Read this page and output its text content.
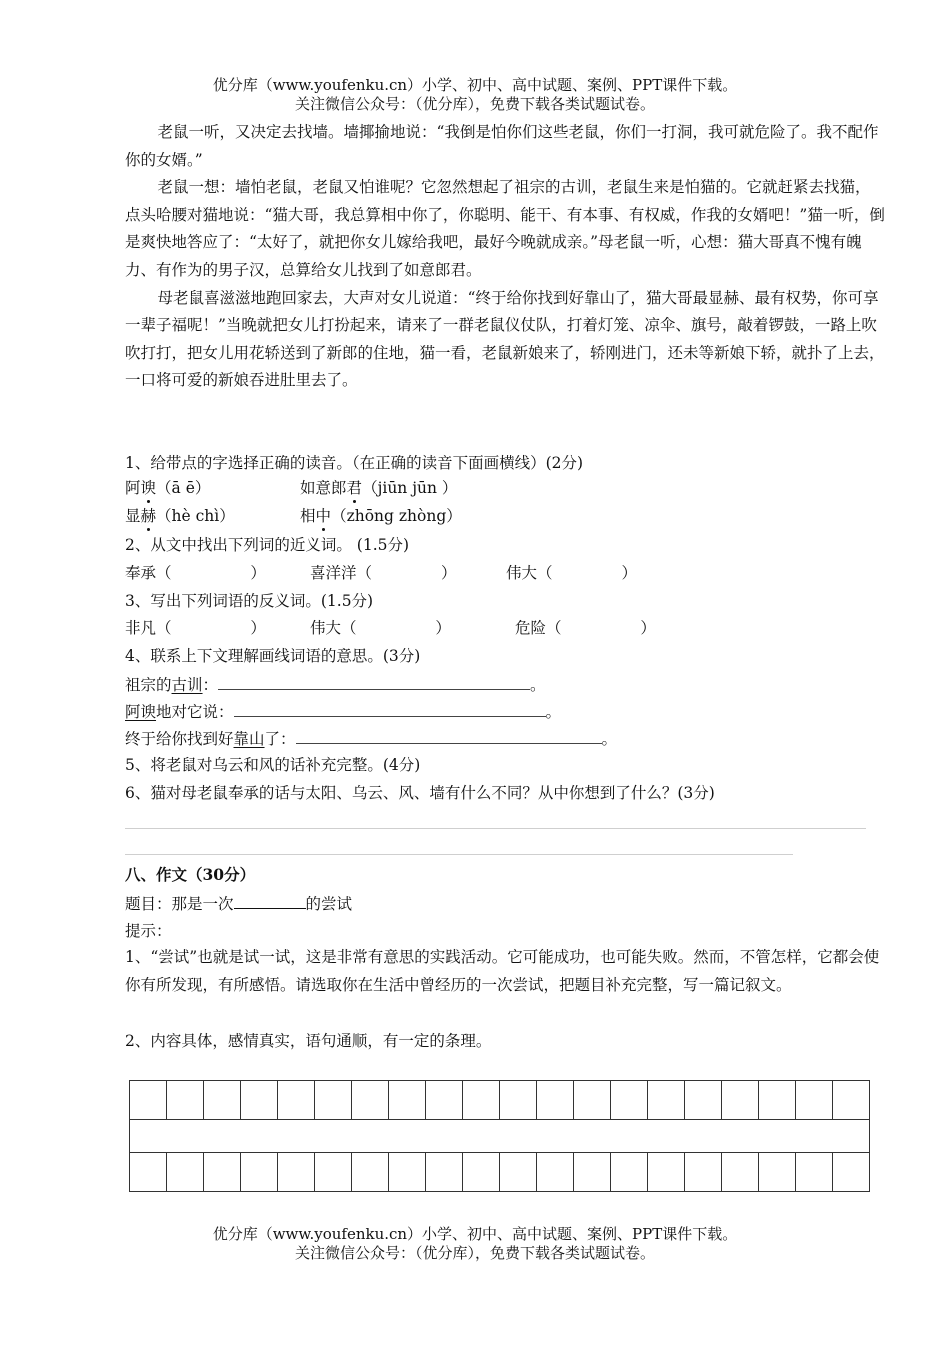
优分库（www.youfenku.cn）小学、初中、高中试题、案例、PPT课件下载。
关注微信公众号：（优分库），免费下载各类试题试卷。

老鼠一听，又决定去找墙。墙揶揄地说：“我倒是怕你们这些老鼠，你们一打洞，我可就危险了。我不配作你的女婿。”

老鼠一想：墙怕老鼠，老鼠又怕谁呢？它忽然想起了祖宗的古训，老鼠生来是怕猫的。它就赶紧去找猫，点头哈腰对猫地说：“猫大哥，我总算相中你了，你聪明、能干、有本事、有权威，作我的女婿吧！”猫一听，倒是爽快地答应了：“太好了，就把你女儿嫁给我吧，最好今晚就成亲。”母老鼠一听，心想：猫大哥真不愧有魄力、有作为的男子汉，总算给女儿找到了如意郎君。

母老鼠喜滋滋地跑回家去，大声对女儿说道：“终于给你找到好靠山了，猫大哥最显赫、最有权势，你可享一辈子福呢！”当晚就把女儿打扮起来，请来了一群老鼠仪仗队，打着灯笼、凉伞、旗号，敲着锣鼓，一路上吹吹打打，把女儿用花轿送到了新郎的住地，猫一看，老鼠新娘来了，轿刚进门，还未等新娘下轿，就扑了上去，一口将可爱的新娘吞进肚里去了。

1、给带点的字选择正确的读音。（在正确的读音下面画横线）(2分)
阿谀（ā ē）	如意郎君（jiūn jūn ）
显赫（hè chì）	相中（zhōng zhòng）
2、从文中找出下列词的近义词。 (1.5分)
奉承（                ）	喜洋洋（              ）	伟大（              ）
3、写出下列词语的反义词。(1.5分)
非凡（                ）	伟大（                ）	危险（                ）
4、联系上下文理解画线词语的意思。(3分)
祖宗的古训：	。
阿谀地对它说：	。
终于给你找到好靠山了：	。
5、将老鼠对乌云和风的话补充完整。(4分)
6、猫对母老鼠奉承的话与太阳、乌云、风、墙有什么不同？从中你想到了什么？(3分)
八、作文（30分）
题目：那是一次	的尝试
提示：
1、“尝试”也就是试一试，这是非常有意思的实践活动。它可能成功，也可能失败。然而，不管怎样，它都会使你有所发现，有所感悟。请选取你在生活中曾经历的一次尝试，把题目补充完整，写一篇记叙文。
2、内容具体，感情真实，语句通顺，有一定的条理。
优分库（www.youfenku.cn）小学、初中、高中试题、案例、PPT课件下载。
关注微信公众号：（优分库），免费下载各类试题试卷。
